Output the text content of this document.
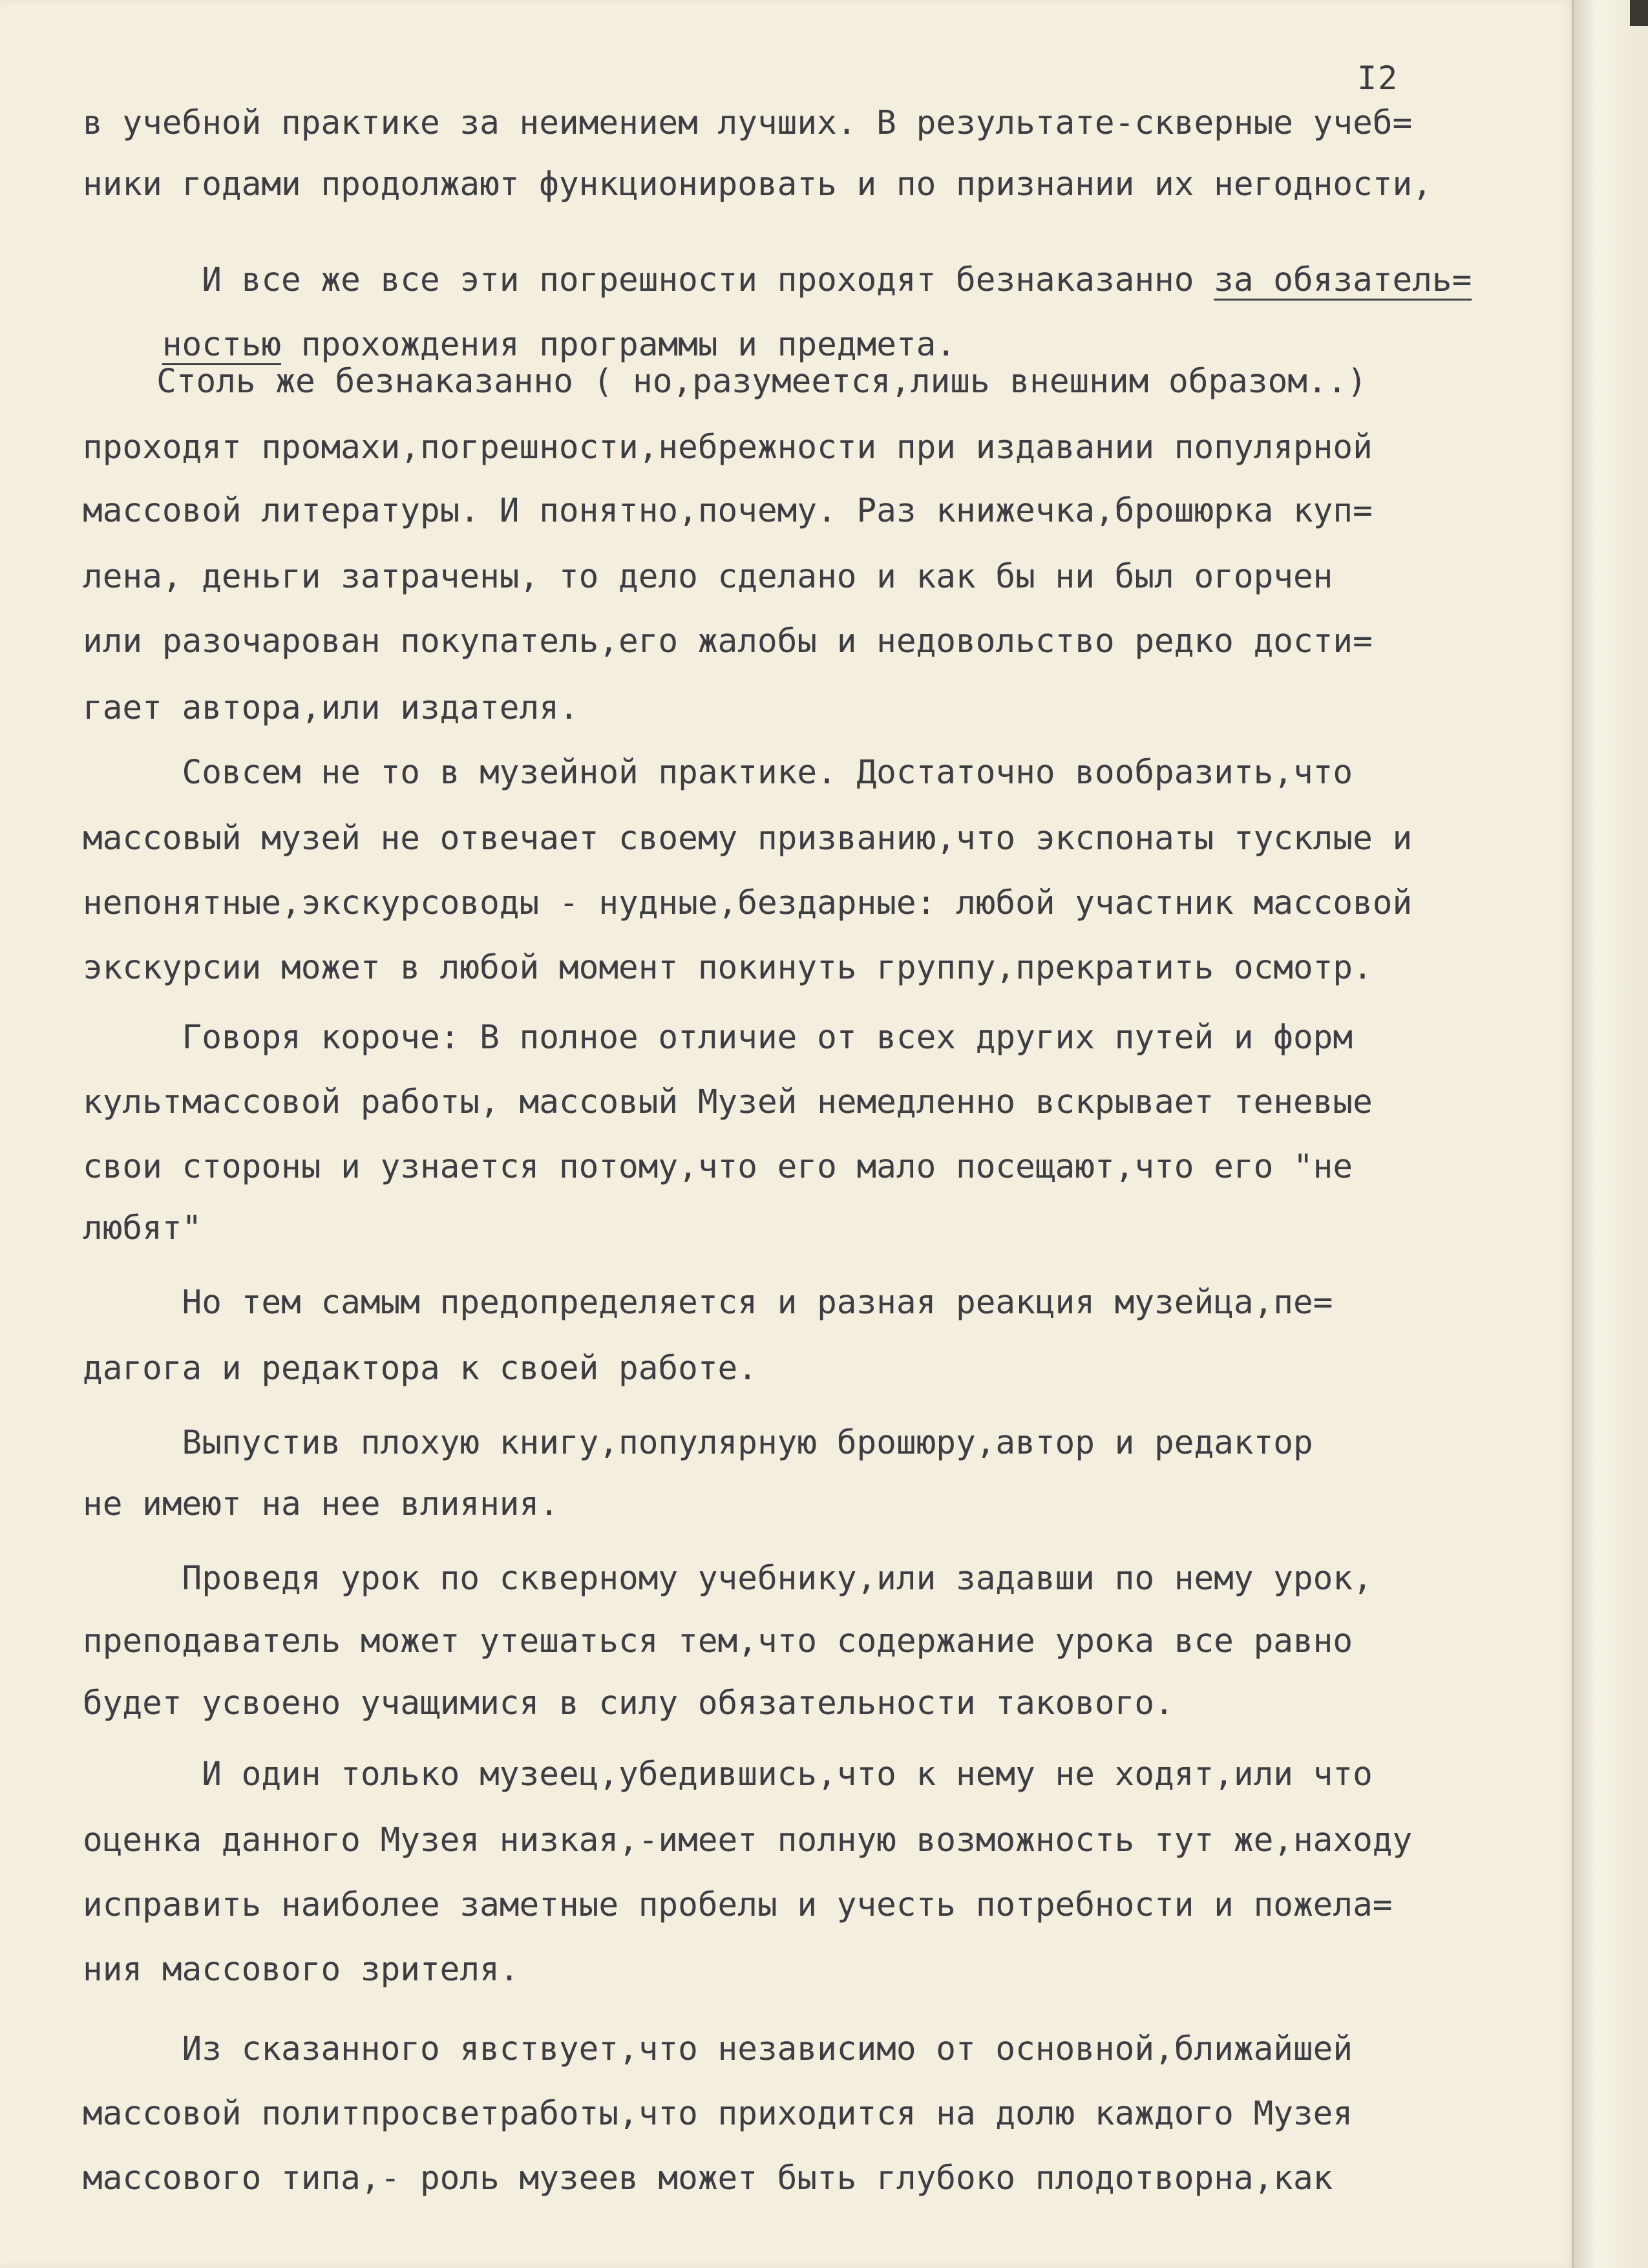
I2
в учебной практике за неимением лучших. В результате-скверные учеб=
ники годами продолжают функционировать и по признании их негодности,

И все же все эти погрешности проходят безнаказанно за обязатель=

ностью прохождения программы и предмета.

Столь же безнаказанно ( но,разумеется,лишь внешним образом..)
проходят промахи,погрешности,небрежности при издавании популярной
массовой литературы. И понятно,почему. Раз книжечка,брошюрка куп=
лена, деньги затрачены, то дело сделано и как бы ни был огорчен
или разочарован покупатель,его жалобы и недовольство редко дости=
гает автора,или издателя.
Совсем не то в музейной практике. Достаточно вообразить,что
массовый музей не отвечает своему призванию,что экспонаты тусклые и
непонятные,экскурсоводы - нудные,бездарные: любой участник массовой
экскурсии может в любой момент покинуть группу,прекратить осмотр.
Говоря короче: В полное отличие от всех других путей и форм
культмассовой работы, массовый Музей немедленно вскрывает теневые
свои стороны и узнается потому,что его мало посещают,что его "не
любят"
Но тем самым предопределяется и разная реакция музейца,пе=
дагога и редактора к своей работе.
Выпустив плохую книгу,популярную брошюру,автор и редактор
не имеют на нее влияния.
Проведя урок по скверному учебнику,или задавши по нему урок,
преподаватель может утешаться тем,что содержание урока все равно
будет усвоено учащимися в силу обязательности такового.
И один только музеец,убедившись,что к нему не ходят,или что
оценка данного Музея низкая,-имеет полную возможность тут же,находу
исправить наиболее заметные пробелы и учесть потребности и пожела=
ния массового зрителя.
Из сказанного явствует,что независимо от основной,ближайшей
массовой политпросветработы,что приходится на долю каждого Музея
массового типа,- роль музеев может быть глубоко плодотворна,как
